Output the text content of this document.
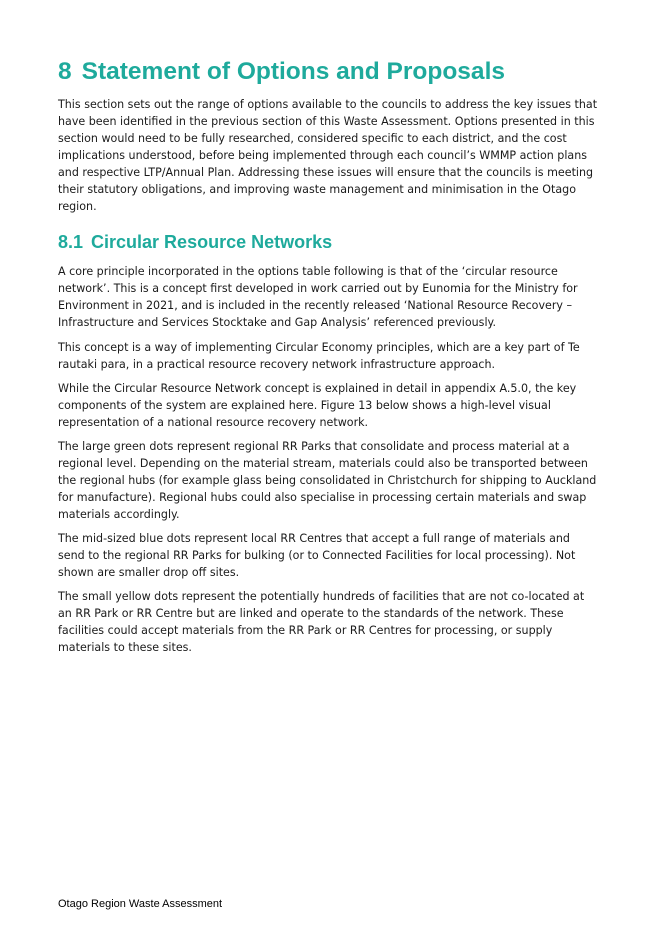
8 Statement of Options and Proposals

This section sets out the range of options available to the councils to address the key issues that have been identified in the previous section of this Waste Assessment. Options presented in this section would need to be fully researched, considered specific to each district, and the cost implications understood, before being implemented through each council’s WMMP action plans and respective LTP/Annual Plan. Addressing these issues will ensure that the councils is meeting their statutory obligations, and improving waste management and minimisation in the Otago region.

8.1 Circular Resource Networks

A core principle incorporated in the options table following is that of the ‘circular resource network’. This is a concept first developed in work carried out by Eunomia for the Ministry for Environment in 2021, and is included in the recently released ‘National Resource Recovery – Infrastructure and Services Stocktake and Gap Analysis’ referenced previously.

This concept is a way of implementing Circular Economy principles, which are a key part of Te rautaki para, in a practical resource recovery network infrastructure approach.

While the Circular Resource Network concept is explained in detail in appendix A.5.0, the key components of the system are explained here. Figure 13 below shows a high-level visual representation of a national resource recovery network.

The large green dots represent regional RR Parks that consolidate and process material at a regional level. Depending on the material stream, materials could also be transported between the regional hubs (for example glass being consolidated in Christchurch for shipping to Auckland for manufacture). Regional hubs could also specialise in processing certain materials and swap materials accordingly.

The mid-sized blue dots represent local RR Centres that accept a full range of materials and send to the regional RR Parks for bulking (or to Connected Facilities for local processing). Not shown are smaller drop off sites.

The small yellow dots represent the potentially hundreds of facilities that are not co-located at an RR Park or RR Centre but are linked and operate to the standards of the network. These facilities could accept materials from the RR Park or RR Centres for processing, or supply materials to these sites.

Otago Region Waste Assessment
